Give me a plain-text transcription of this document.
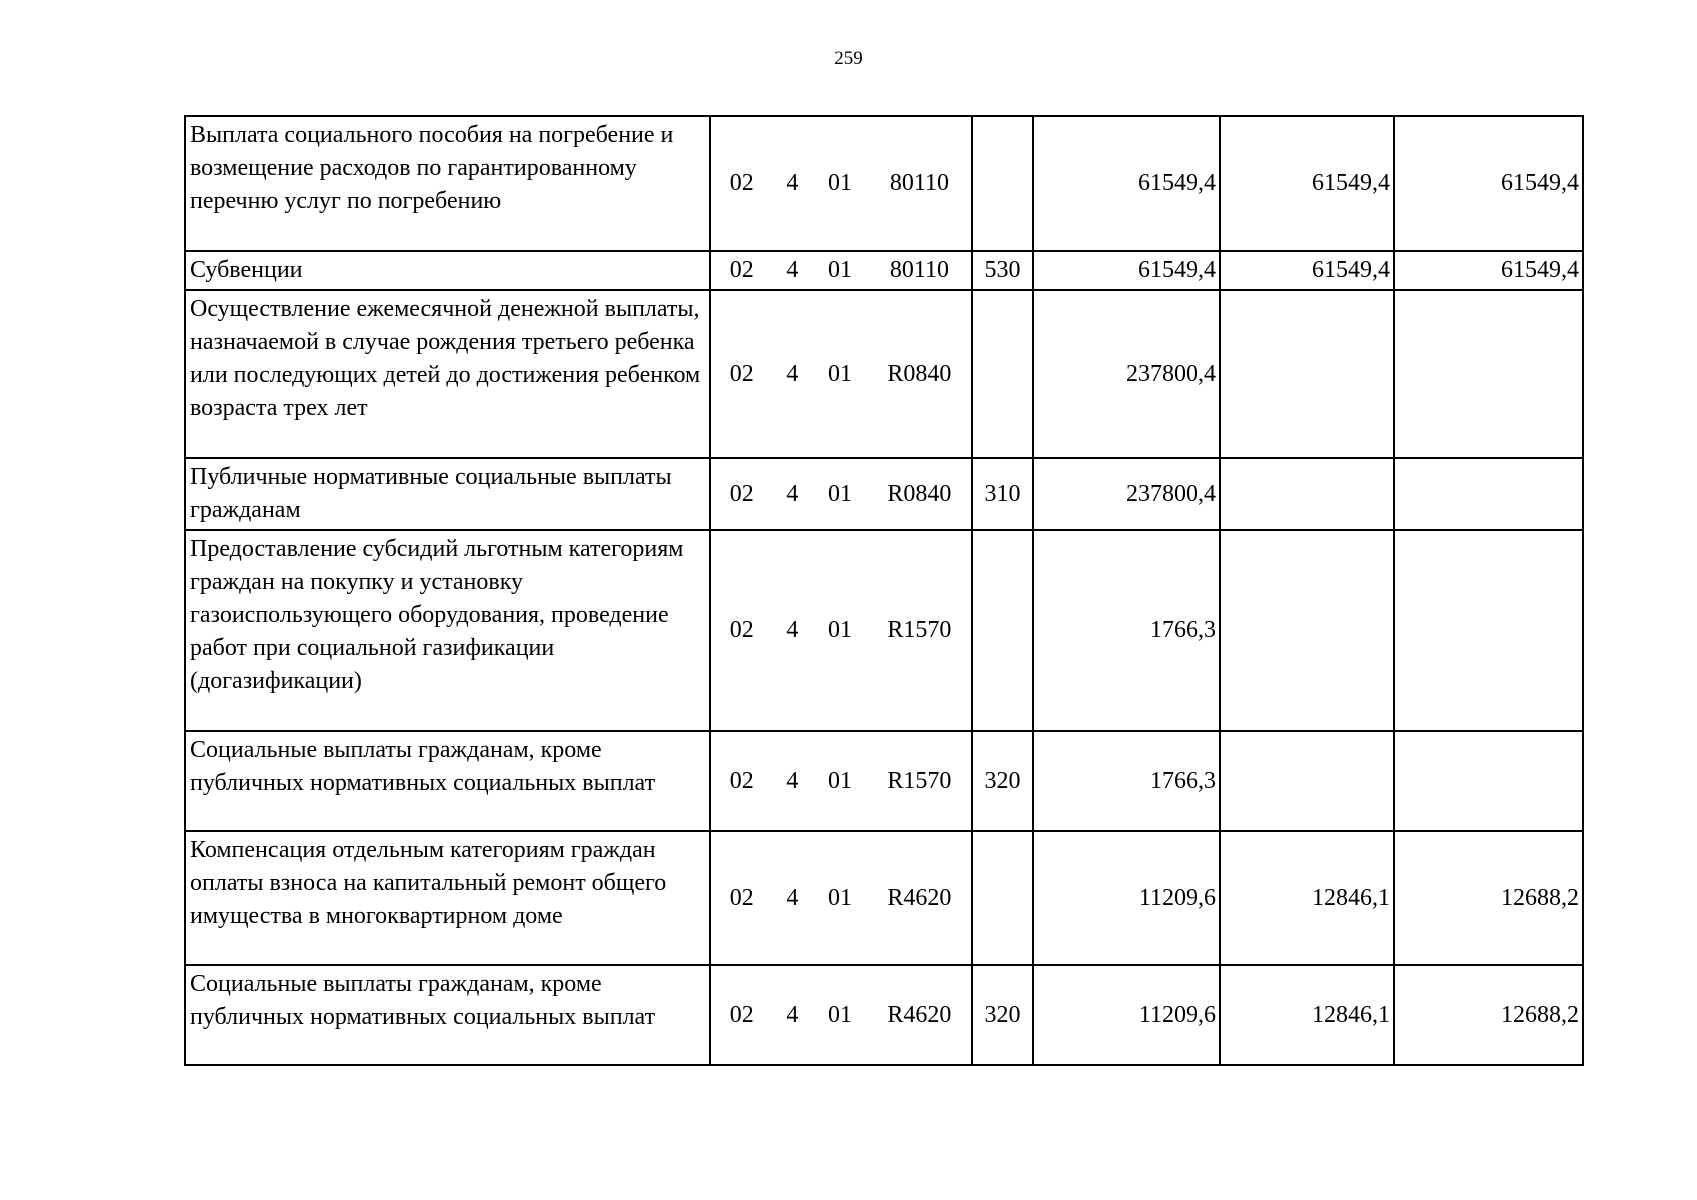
259
Выплата социального пособия на погребение и возмещение расходов по гарантированному перечню услуг по погребению	02 4 01 80110		61549,4	61549,4	61549,4
Субвенции	02 4 01 80110	530	61549,4	61549,4	61549,4
Осуществление ежемесячной денежной выплаты, назначаемой в случае рождения третьего ребенка или последующих детей до достижения ребенком возраста трех лет	02 4 01 R0840		237800,4		
Публичные нормативные социальные выплаты гражданам	02 4 01 R0840	310	237800,4		
Предоставление субсидий льготным категориям граждан на покупку и установку газоиспользующего оборудования, проведение работ при социальной газификации (догазификации)	02 4 01 R1570		1766,3		
Социальные выплаты гражданам, кроме публичных нормативных социальных выплат	02 4 01 R1570	320	1766,3		
Компенсация отдельным категориям граждан оплаты взноса на капитальный ремонт общего имущества в многоквартирном доме	02 4 01 R4620		11209,6	12846,1	12688,2
Социальные выплаты гражданам, кроме публичных нормативных социальных выплат	02 4 01 R4620	320	11209,6	12846,1	12688,2
